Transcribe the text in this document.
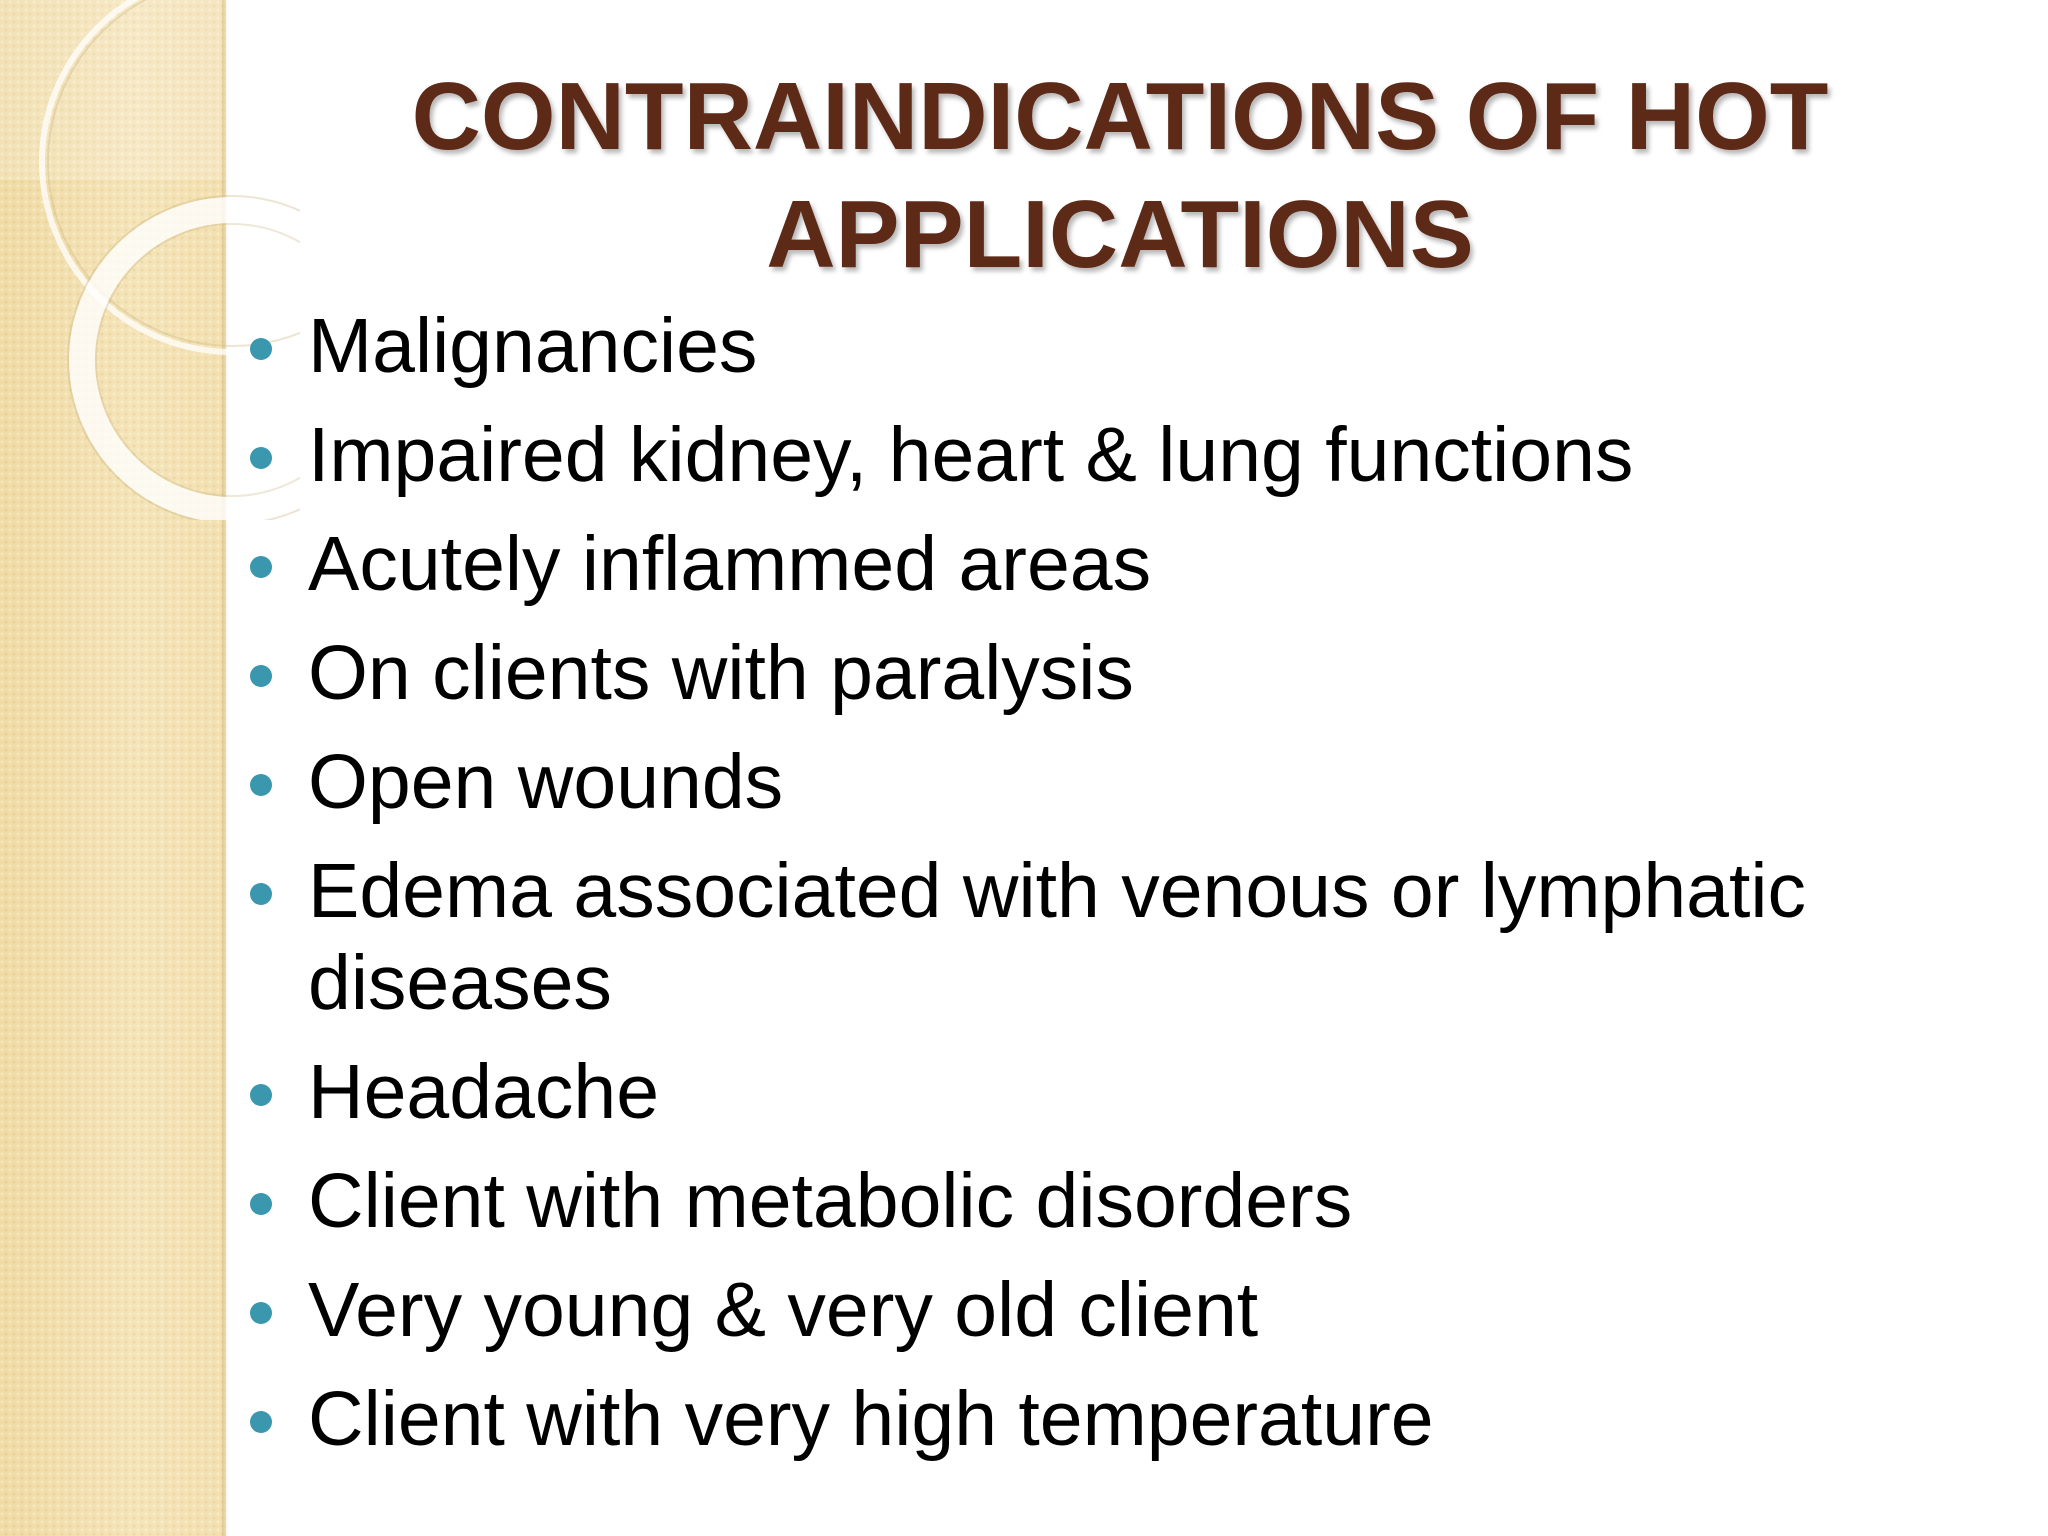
CONTRAINDICATIONS OF HOT APPLICATIONS
Malignancies
Impaired kidney, heart & lung functions
Acutely inflammed areas
On clients with paralysis
Open wounds
Edema associated with venous or lymphatic diseases
Headache
Client with metabolic disorders
Very young & very old client
Client with very high temperature
